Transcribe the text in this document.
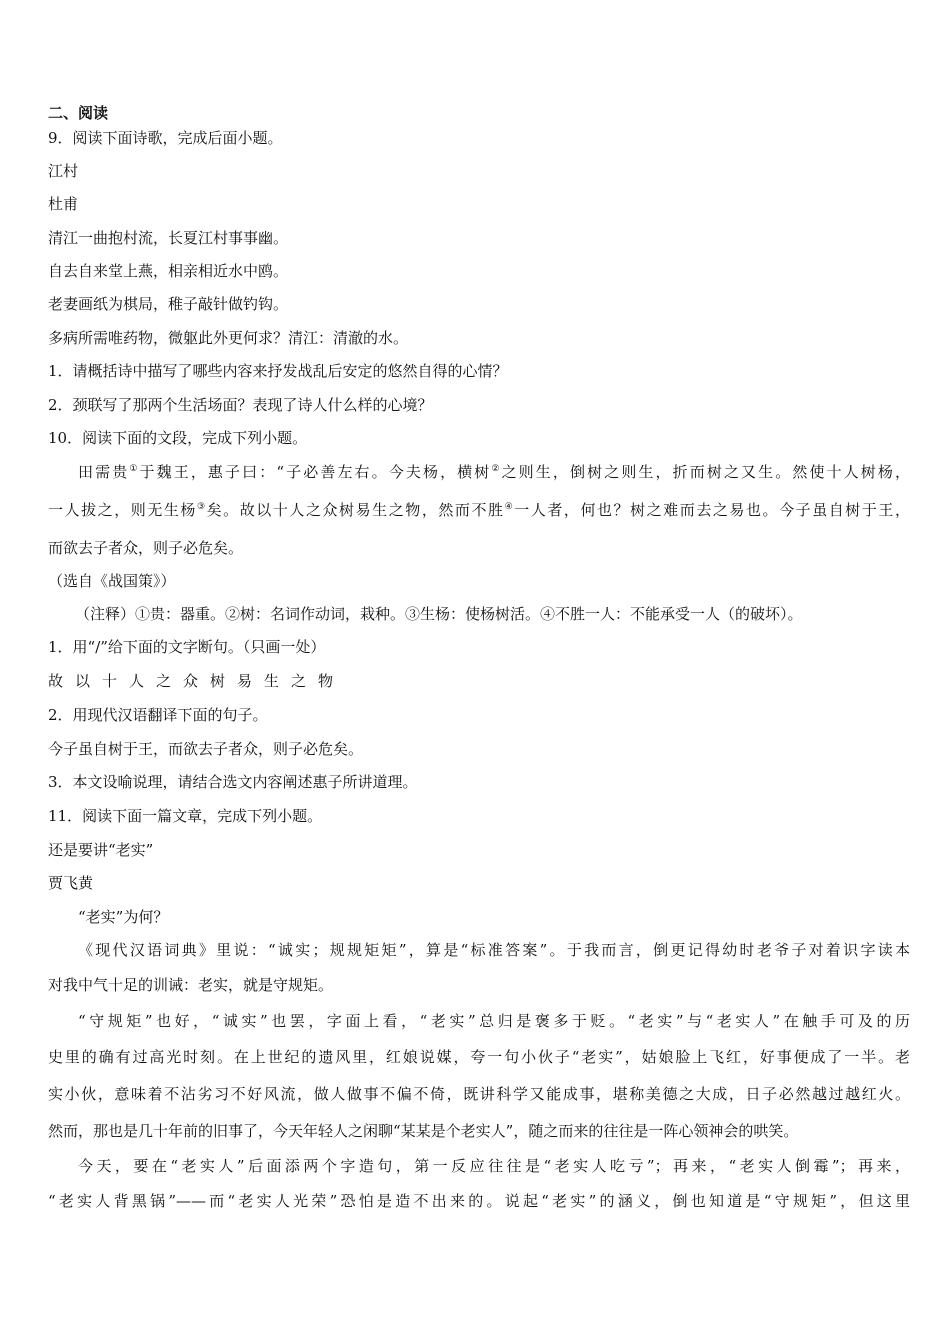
二、阅读
9．阅读下面诗歌，完成后面小题。
江村
杜甫
清江一曲抱村流，长夏江村事事幽。
自去自来堂上燕，相亲相近水中鸥。
老妻画纸为棋局，稚子敲针做钓钩。
多病所需唯药物，微躯此外更何求？清江：清澈的水。
1．请概括诗中描写了哪些内容来抒发战乱后安定的悠然自得的心情？
2．颈联写了那两个生活场面？表现了诗人什么样的心境？
10．阅读下面的文段，完成下列小题。
田需贵①于魏王，惠子曰：“子必善左右。今夫杨，横树②之则生，倒树之则生，折而树之又生。然使十人树杨，
一人拔之，则无生杨③矣。故以十人之众树易生之物，然而不胜④一人者，何也？树之难而去之易也。今子虽自树于王，
而欲去子者众，则子必危矣。
（选自《战国策》）
（注释）①贵：器重。②树：名词作动词，栽种。③生杨：使杨树活。④不胜一人：不能承受一人（的破坏）。
1．用“/”给下面的文字断句。（只画一处）
故以十人之众树易生之物
2．用现代汉语翻译下面的句子。
今子虽自树于王，而欲去子者众，则子必危矣。
3．本文设喻说理，请结合选文内容阐述惠子所讲道理。
11．阅读下面一篇文章，完成下列小题。
还是要讲“老实”
贾飞黄
“老实”为何？
《现代汉语词典》里说：“诚实；规规矩矩”，算是“标准答案”。于我而言，倒更记得幼时老爷子对着识字读本
对我中气十足的训诫：老实，就是守规矩。
“守规矩”也好，“诚实”也罢，字面上看，“老实”总归是褒多于贬。“老实”与“老实人”在触手可及的历
史里的确有过高光时刻。在上世纪的遗风里，红娘说媒，夸一句小伙子“老实”，姑娘脸上飞红，好事便成了一半。老
实小伙，意味着不沾劣习不好风流，做人做事不偏不倚，既讲科学又能成事，堪称美德之大成，日子必然越过越红火。
然而，那也是几十年前的旧事了，今天年轻人之闲聊“某某是个老实人”，随之而来的往往是一阵心领神会的哄笑。
今天，要在“老实人”后面添两个字造句，第一反应往往是“老实人吃亏”；再来，“老实人倒霉”；再来，
“老实人背黑锅”——而“老实人光荣”恐怕是造不出来的。说起“老实”的涵义，倒也知道是“守规矩”，但这里
